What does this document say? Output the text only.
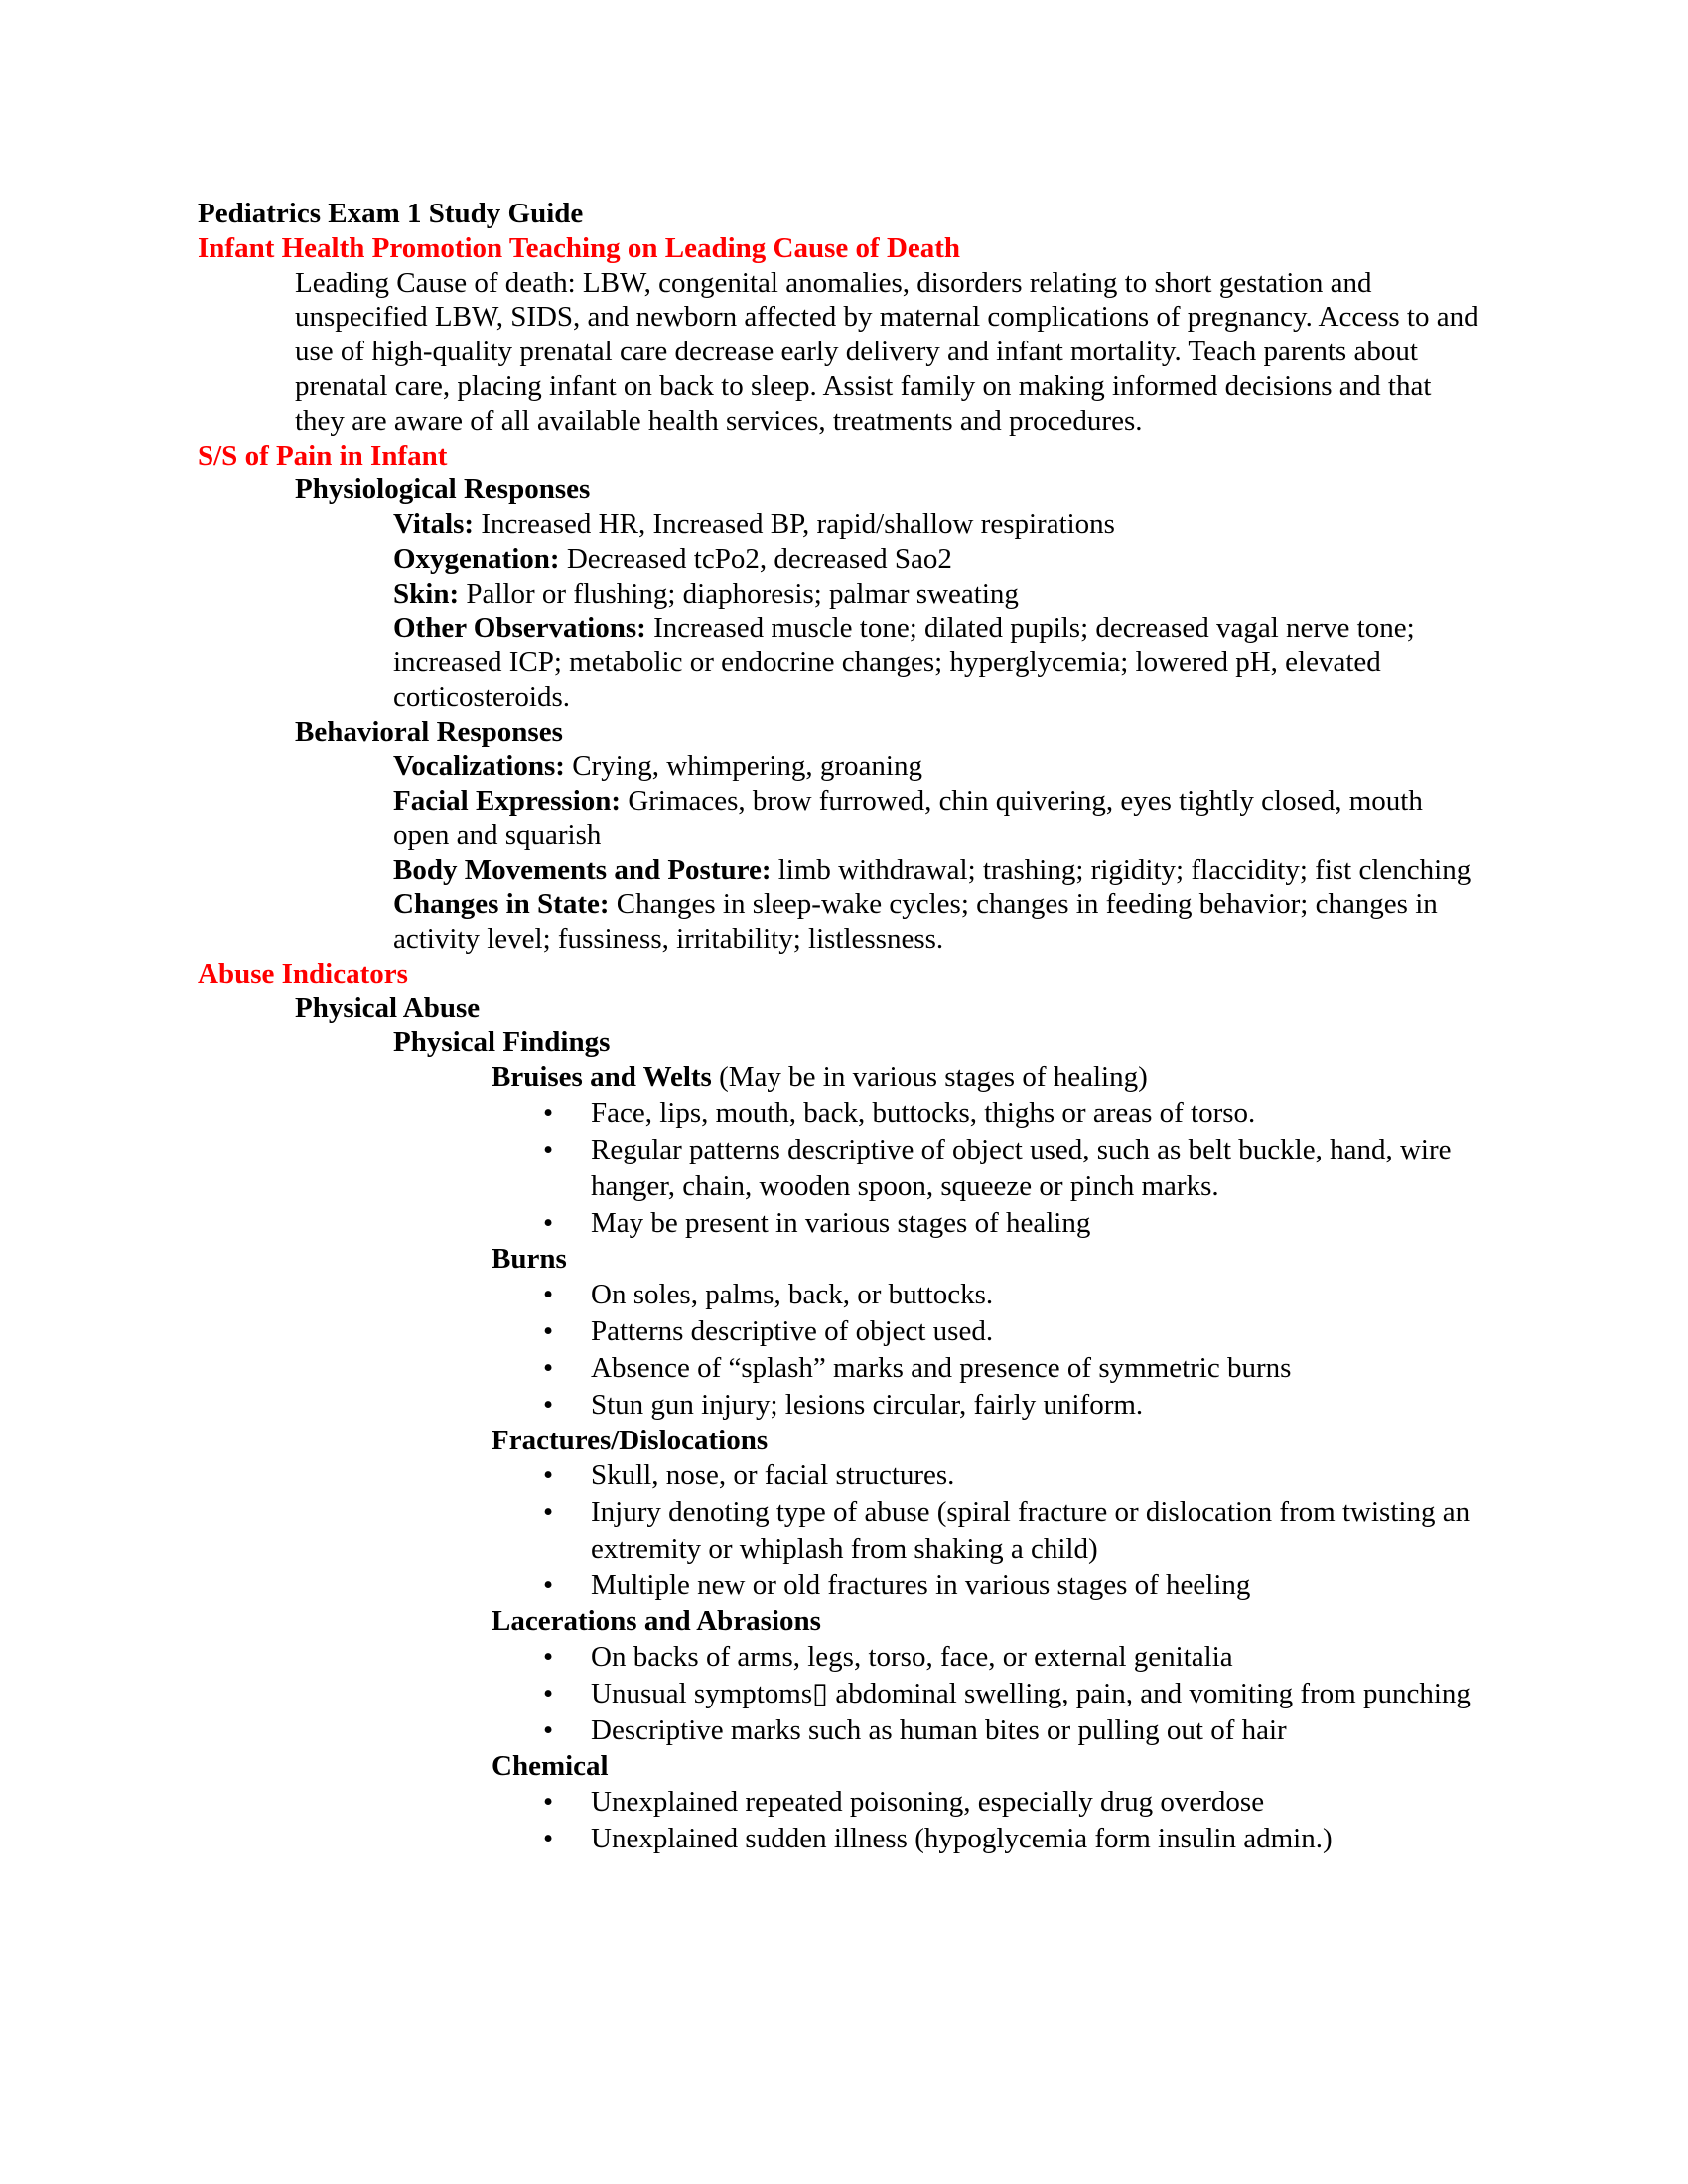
Pediatrics Exam 1 Study Guide
Infant Health Promotion Teaching on Leading Cause of Death
Leading Cause of death: LBW, congenital anomalies, disorders relating to short gestation and unspecified LBW, SIDS, and newborn affected by maternal complications of pregnancy. Access to and use of high-quality prenatal care decrease early delivery and infant mortality. Teach parents about prenatal care, placing infant on back to sleep. Assist family on making informed decisions and that they are aware of all available health services, treatments and procedures.
S/S of Pain in Infant
Physiological Responses
Vitals: Increased HR, Increased BP, rapid/shallow respirations
Oxygenation: Decreased tcPo2, decreased Sao2
Skin: Pallor or flushing; diaphoresis; palmar sweating
Other Observations: Increased muscle tone; dilated pupils; decreased vagal nerve tone; increased ICP; metabolic or endocrine changes; hyperglycemia; lowered pH, elevated corticosteroids.
Behavioral Responses
Vocalizations: Crying, whimpering, groaning
Facial Expression: Grimaces, brow furrowed, chin quivering, eyes tightly closed, mouth open and squarish
Body Movements and Posture: limb withdrawal; trashing; rigidity; flaccidity; fist clenching
Changes in State: Changes in sleep-wake cycles; changes in feeding behavior; changes in activity level; fussiness, irritability; listlessness.
Abuse Indicators
Physical Abuse
Physical Findings
Bruises and Welts (May be in various stages of healing)
• Face, lips, mouth, back, buttocks, thighs or areas of torso.
• Regular patterns descriptive of object used, such as belt buckle, hand, wire hanger, chain, wooden spoon, squeeze or pinch marks.
• May be present in various stages of healing
Burns
• On soles, palms, back, or buttocks.
• Patterns descriptive of object used.
• Absence of “splash” marks and presence of symmetric burns
• Stun gun injury; lesions circular, fairly uniform.
Fractures/Dislocations
• Skull, nose, or facial structures.
• Injury denoting type of abuse (spiral fracture or dislocation from twisting an extremity or whiplash from shaking a child)
• Multiple new or old fractures in various stages of heeling
Lacerations and Abrasions
• On backs of arms, legs, torso, face, or external genitalia
• Unusual symptoms▯ abdominal swelling, pain, and vomiting from punching
• Descriptive marks such as human bites or pulling out of hair
Chemical
• Unexplained repeated poisoning, especially drug overdose
• Unexplained sudden illness (hypoglycemia form insulin admin.)
